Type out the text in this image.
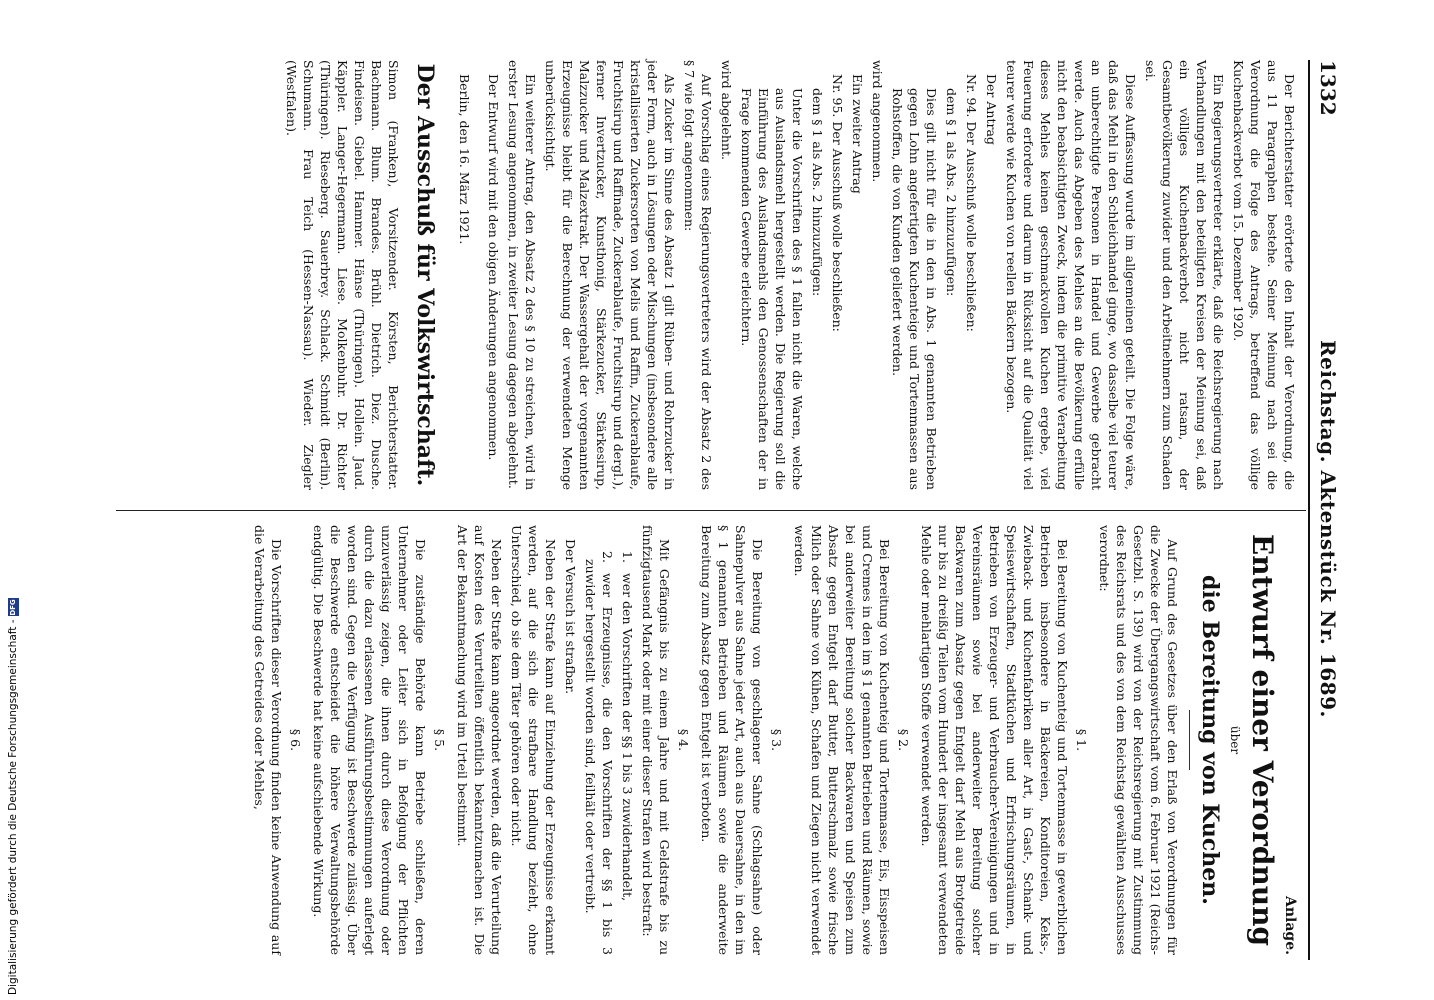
1332
Reichstag. Aktenstück Nr. 1689.

Der Berichterstatter erörterte den Inhalt der Verordnung, die aus 11 Paragraphen bestehe. Seiner Meinung nach sei die Verordnung die Folge des Antrags, betreffend das völlige Kuchenbackverbot vom 15. Dezember 1920.

Ein Regierungsvertreter erklärte, daß die Reichsregierung nach Verhandlungen mit den beteiligten Kreisen der Meinung sei, daß ein völliges Kuchenbackverbot nicht ratsam, der Gesamtbevölkerung zuwider und den Arbeitnehmern zum Schaden sei.

Diese Auffassung wurde im allgemeinen geteilt. Die Folge wäre, daß das Mehl in den Schleichhandel ginge, wo dasselbe viel teurer an unberechtigte Personen in Handel und Gewerbe gebracht werde. Auch das Abgeben des Mehles an die Bevölkerung erfülle nicht den beabsichtigten Zweck, indem die primitive Verarbeitung dieses Mehles keinen geschmackvollen Kuchen ergebe, viel Feuerung erfordere und darum in Rücksicht auf die Qualität viel teurer werde wie Kuchen von reellen Bäckern bezogen.

Der Antrag

Nr. 94. Der Ausschuß wolle beschließen:

dem § 1 als Abs. 2 hinzuzufügen:

Dies gilt nicht für die in den in Abs. 1 genannten Betrieben gegen Lohn angefertigten Kuchenteige und Tortenmassen aus Rohstoffen, die von Kunden geliefert werden.

wird angenommen.

Ein zweiter Antrag

Nr. 95. Der Ausschuß wolle beschließen:

dem § 1 als Abs. 2 hinzuzufügen:

Unter die Vorschriften des § 1 fallen nicht die Waren, welche aus Auslandsmehl hergestellt werden. Die Regierung soll die Einführung des Auslandsmehls den Genossenschaften der in Frage kommenden Gewerbe erleichtern.

wird abgelehnt.

Auf Vorschlag eines Regierungsvertreters wird der Absatz 2 des § 7 wie folgt angenommen:

Als Zucker im Sinne des Absatz 1 gilt Rüben- und Rohrzucker in jeder Form, auch in Lösungen oder Mischungen (insbesondere alle kristallisierten Zuckersorten von Melis und Raffin, Zuckerablaufe, Fruchtsirup und Raffinade, Zuckerablaufe, Fruchtsirup und dergl.), ferner Invertzucker, Kunsthonig, Stärkezucker, Stärkesirup, Malzzucker und Malzextrakt. Der Wassergehalt der vorgenannten Erzeugnisse bleibt für die Berechnung der verwendeten Menge unberücksichtigt.

Ein weiterer Antrag, den Absatz 2 des § 10 zu streichen, wird in erster Lesung angenommen, in zweiter Lesung dagegen abgelehnt.

Der Entwurf wird mit den obigen Änderungen angenommen.

Berlin, den 16. März 1921.

Der Ausschuß für Volkswirtschaft.

Simon (Franken), Vorsitzender. Körsten, Berichterstatter. Bachmann. Blum. Brandes. Brühl. Dietrich. Diez. Dusche. Findeisen. Giebel. Hammer. Hänse (Thüringen). Hollein. Jaud. Käppler. Langer-Hegermann. Liese. Molkenbuhr. Dr. Richter (Thüringen). Rieseberg. Sauerbrey. Schlack. Schmidt (Berlin). Schumann. Frau Teich (Hessen-Nassau). Wieder. Ziegler (Westfalen).

Anlage.
Entwurf einer Verordnung
über
die Bereitung von Kuchen.

Auf Grund des Gesetzes über den Erlaß von Verordnungen für die Zwecke der Übergangswirtschaft vom 6. Februar 1921 (Reichs-Gesetzbl. S. 139) wird von der Reichsregierung mit Zustimmung des Reichsrats und des von dem Reichstag gewählten Ausschusses verordnet:

§ 1.

Bei Bereitung von Kuchenteig und Tortenmasse in gewerblichen Betrieben insbesondere in Bäckereien, Konditoreien, Keks-, Zwieback- und Kuchenfabriken aller Art, in Gast-, Schank- und Speisewirtschaften, Stadtküchen und Erfrischungsräumen, in Betrieben von Erzeuger- und Verbraucher-Vereinigungen und in Vereinsräumen sowie bei anderweiter Bereitung solcher Backwaren zum Absatz gegen Entgelt darf Mehl aus Brotgetreide nur bis zu dreißig Teilen vom Hundert der insgesamt verwendeten Mehle oder mehlartigen Stoffe verwendet werden.

§ 2.

Bei Bereitung von Kuchenteig und Tortenmasse, Eis, Eisspeisen und Cremes in den im § 1 genannten Betrieben und Räumen, sowie bei anderweiter Bereitung solcher Backwaren und Speisen zum Absatz gegen Entgelt darf Butter, Butterschmalz sowie frische Milch oder Sahne von Kühen, Schafen und Ziegen nicht verwendet werden.

§ 3.

Die Bereitung von geschlagener Sahne (Schlagsahne) oder Sahnepulver aus Sahne jeder Art, auch aus Dauersahne, in den im § 1 genannten Betrieben und Räumen sowie die anderweite Bereitung zum Absatz gegen Entgelt ist verboten.

§ 4.

Mit Gefängnis bis zu einem Jahre und mit Geldstrafe bis zu fünfzigtausend Mark oder mit einer dieser Strafen wird bestraft:

1.
wer den Vorschriften der §§ 1 bis 3 zuwiderhandelt,

2.
wer Erzeugnisse, die den Vorschriften der §§ 1 bis 3 zuwider hergestellt worden sind, feilhält oder vertreibt.

Der Versuch ist strafbar.

Neben der Strafe kann auf Einziehung der Erzeugnisse erkannt werden, auf die sich die strafbare Handlung bezieht, ohne Unterschied, ob sie dem Täter gehören oder nicht.

Neben der Strafe kann angeordnet werden, daß die Verurteilung auf Kosten des Verurteilten öffentlich bekanntzumachen ist. Die Art der Bekanntmachung wird im Urteil bestimmt.

§ 5.

Die zuständige Behörde kann Betriebe schließen, deren Unternehmer oder Leiter sich in Befolgung der Pflichten unzuverlässig zeigen, die ihnen durch diese Verordnung oder durch die dazu erlassenen Ausführungsbestimmungen auferlegt worden sind. Gegen die Verfügung ist Beschwerde zulässig. Über die Beschwerde entscheidet die höhere Verwaltungsbehörde endgültig. Die Beschwerde hat keine aufschiebende Wirkung.

§ 6.

Die Vorschriften dieser Verordnung finden keine Anwendung auf die Verarbeitung des Getreides oder Mehles,

Digitalisierung gefördert durch die Deutsche Forschungsgemeinschaft -DFG
